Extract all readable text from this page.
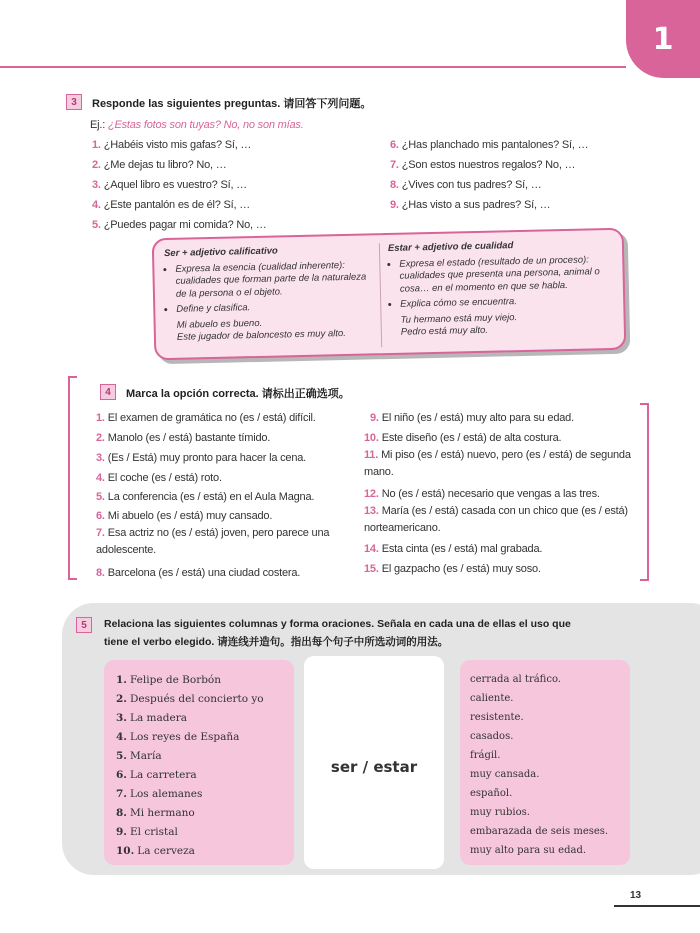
1
3	Responde las siguientes preguntas. 请回答下列问题。
Ej.: ¿Estas fotos son tuyas? No, no son mías.
1. ¿Habéis visto mis gafas? Sí, …
2. ¿Me dejas tu libro? No, …
3. ¿Aquel libro es vuestro? Sí, …
4. ¿Este pantalón es de él? Sí, …
5. ¿Puedes pagar mi comida? No, …
6. ¿Has planchado mis pantalones? Sí, …
7. ¿Son estos nuestros regalos? No, …
8. ¿Vives con tus padres? Sí, …
9. ¿Has visto a sus padres? Sí, …
Ser + adjetivo calificativo
• Expresa la esencia (cualidad inherente): cualidades que forman parte de la naturaleza de la persona o el objeto.
• Define y clasifica.
Mi abuelo es bueno.
Este jugador de baloncesto es muy alto.
Estar + adjetivo de cualidad
• Expresa el estado (resultado de un proceso): cualidades que presenta una persona, animal o cosa… en el momento en que se habla.
• Explica cómo se encuentra.
Tu hermano está muy viejo.
Pedro está muy alto.
4	Marca la opción correcta. 请标出正确选项。
1. El examen de gramática no (es / está) difícil.
2. Manolo (es / está) bastante tímido.
3. (Es / Está) muy pronto para hacer la cena.
4. El coche (es / está) roto.
5. La conferencia (es / está) en el Aula Magna.
6. Mi abuelo (es / está) muy cansado.
7. Esa actriz no (es / está) joven, pero parece una adolescente.
8. Barcelona (es / está) una ciudad costera.
9. El niño (es / está) muy alto para su edad.
10. Este diseño (es / está) de alta costura.
11. Mi piso (es / está) nuevo, pero (es / está) de segunda mano.
12. No (es / está) necesario que vengas a las tres.
13. María (es / está) casada con un chico que (es / está) norteamericano.
14. Esta cinta (es / está) mal grabada.
15. El gazpacho (es / está) muy soso.
5	Relaciona las siguientes columnas y forma oraciones. Señala en cada una de ellas el uso que
tiene el verbo elegido. 请连线并造句。指出每个句子中所选动词的用法。
ser / estar
1. Felipe de Borbón
2. Después del concierto yo
3. La madera
4. Los reyes de España
5. María
6. La carretera
7. Los alemanes
8. Mi hermano
9. El cristal
10. La cerveza
cerrada al tráfico.
caliente.
resistente.
casados.
frágil.
muy cansada.
español.
muy rubios.
embarazada de seis meses.
muy alto para su edad.
13
